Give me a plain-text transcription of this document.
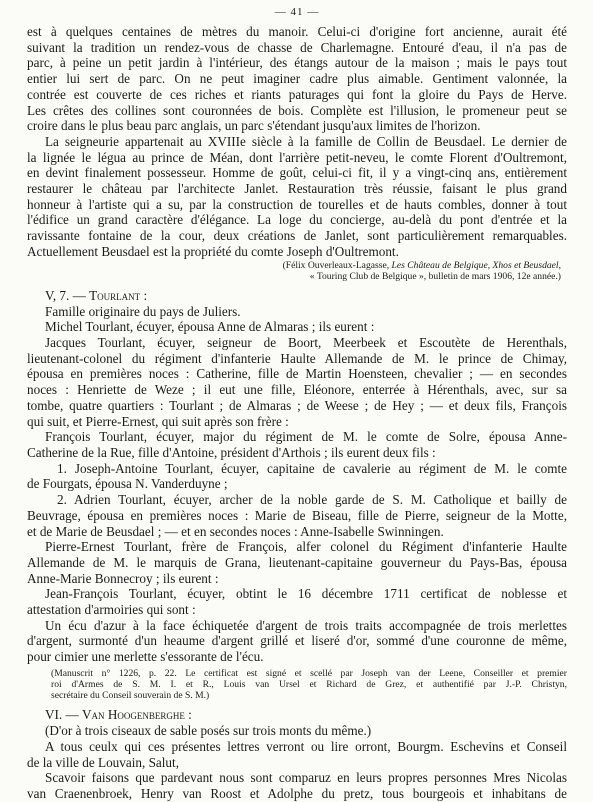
— 41 —
est à quelques centaines de mètres du manoir. Celui-ci d'origine fort ancienne, aurait été
suivant la tradition un rendez-vous de chasse de Charlemagne. Entouré d'eau, il n'a pas de
parc, à peine un petit jardin à l'intérieur, des étangs autour de la maison ; mais le pays tout
entier lui sert de parc. On ne peut imaginer cadre plus aimable. Gentiment valonnée, la
contrée est couverte de ces riches et riants paturages qui font la gloire du Pays de Herve.
Les crêtes des collines sont couronnées de bois. Complète est l'illusion, le promeneur peut se
croire dans le plus beau parc anglais, un parc s'étendant jusqu'aux limites de l'horizon.
La seigneurie appartenait au XVIIIe siècle à la famille de Collin de Beusdael. Le dernier de
la lignée le légua au prince de Méan, dont l'arrière petit-neveu, le comte Florent d'Oultremont,
en devint finalement possesseur. Homme de goût, celui-ci fit, il y a vingt-cinq ans, entièrement
restaurer le château par l'architecte Janlet. Restauration très réussie, faisant le plus grand
honneur à l'artiste qui a su, par la construction de tourelles et de hauts combles, donner à tout
l'édifice un grand caractère d'élégance. La loge du concierge, au-delà du pont d'entrée et la
ravissante fontaine de la cour, deux créations de Janlet, sont particulièrement remarquables.
Actuellement Beusdael est la propriété du comte Joseph d'Oultremont.
(Félix Ouverleaux-Lagasse, Les Château de Belgique, Xhos et Beusdael,
« Touring Club de Belgique », bulletin de mars 1906, 12e année.)
V, 7. — Tourlant :
Famille originaire du pays de Juliers.
Michel Tourlant, écuyer, épousa Anne de Almaras ; ils eurent :
Jacques Tourlant, écuyer, seigneur de Boort, Meerbeek et Escoutète de Herenthals,
lieutenant-colonel du régiment d'infanterie Haulte Allemande de M. le prince de Chimay,
épousa en premières noces : Catherine, fille de Martin Hoensteen, chevalier ; — en secondes
noces : Henriette de Weze ; il eut une fille, Eléonore, enterrée à Hérenthals, avec, sur sa
tombe, quatre quartiers : Tourlant ; de Almaras ; de Weese ; de Hey ; — et deux fils, François
qui suit, et Pierre-Ernest, qui suit après son frère :
François Tourlant, écuyer, major du régiment de M. le comte de Solre, épousa Anne-
Catherine de la Rue, fille d'Antoine, président d'Arthois ; ils eurent deux fils :
1. Joseph-Antoine Tourlant, écuyer, capitaine de cavalerie au régiment de M. le comte
de Fourgats, épousa N. Vanderduyne ;
2. Adrien Tourlant, écuyer, archer de la noble garde de S. M. Catholique et bailly de
Beuvrage, épousa en premières noces : Marie de Biseau, fille de Pierre, seigneur de la Motte,
et de Marie de Beusdael ; — et en secondes noces : Anne-Isabelle Swinningen.
Pierre-Ernest Tourlant, frère de François, alfer colonel du Régiment d'infanterie Haulte
Allemande de M. le marquis de Grana, lieutenant-capitaine gouverneur du Pays-Bas, épousa
Anne-Marie Bonnecroy ; ils eurent :
Jean-François Tourlant, écuyer, obtint le 16 décembre 1711 certificat de noblesse et
attestation d'armoiries qui sont :
Un écu d'azur à la face échiquetée d'argent de trois traits accompagnée de trois merlettes
d'argent, surmonté d'un heaume d'argent grillé et liseré d'or, sommé d'une couronne de même,
pour cimier une merlette s'essorante de l'écu.
(Manuscrit n° 1226, p. 22. Le certificat est signé et scellé par Joseph van der Leene, Conseiller et premier
roi d'Armes de S. M. I. et R., Louis van Ursel et Richard de Grez, et authentifié par J.-P. Christyn,
secrétaire du Conseil souverain de S. M.)
VI. — Van Hoogenberghe :
(D'or à trois ciseaux de sable posés sur trois monts du même.)
A tous ceulx qui ces présentes lettres verront ou lire orront, Bourgm. Eschevins et Conseil
de la ville de Louvain, Salut,
Scavoir faisons que pardevant nous sont comparuz en leurs propres personnes Mres Nicolas
van Craenenbroek, Henry van Roost et Adolphe du pretz, tous bourgeois et inhabitans de
